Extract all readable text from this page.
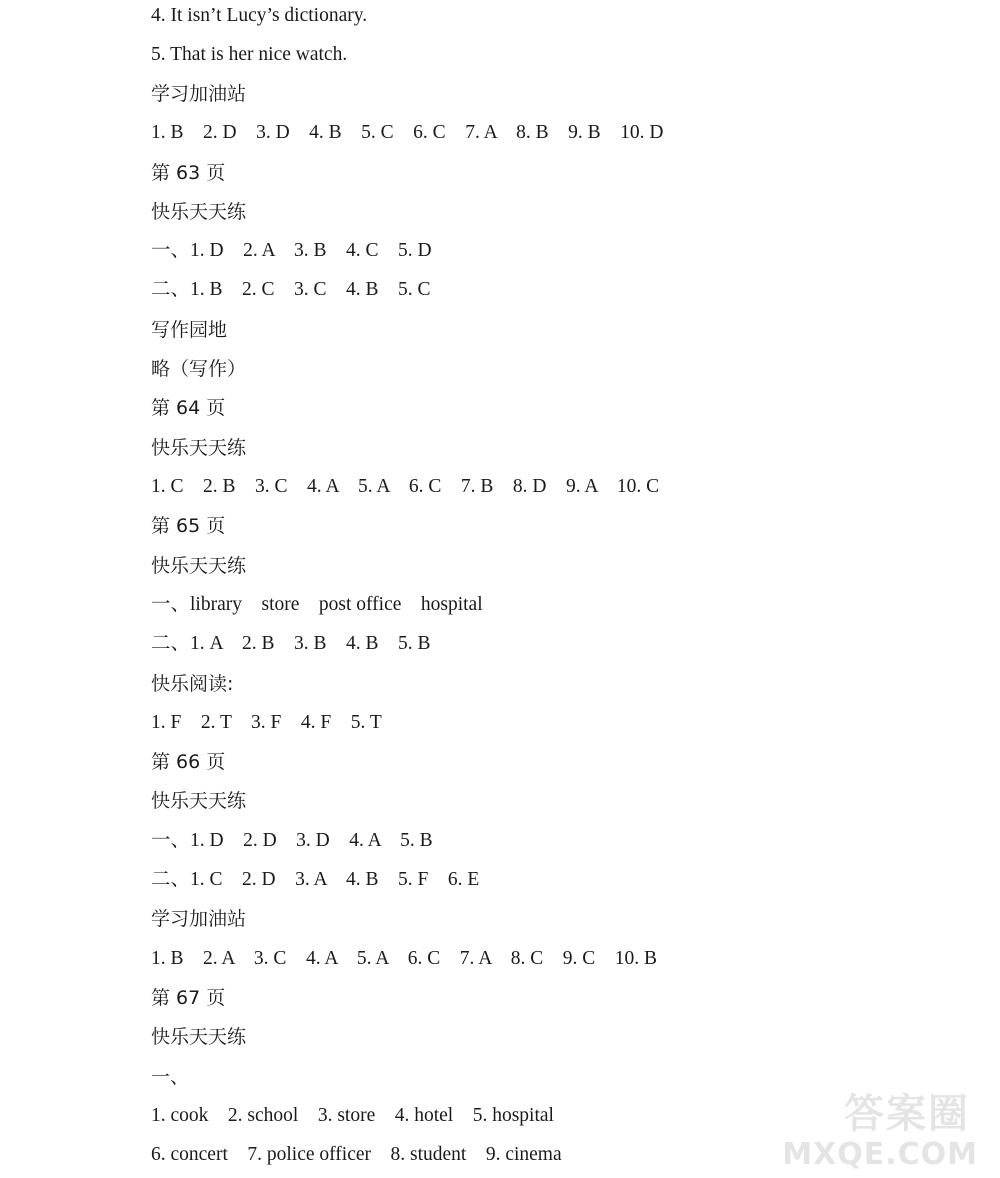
4. It isn’t Lucy’s dictionary.
5. That is her nice watch.
学习加油站
1. B    2. D    3. D    4. B    5. C    6. C    7. A    8. B    9. B    10. D
第 63 页
快乐天天练
一、1. D    2. A    3. B    4. C    5. D
二、1. B    2. C    3. C    4. B    5. C
写作园地
略（写作）
第 64 页
快乐天天练
1. C    2. B    3. C    4. A    5. A    6. C    7. B    8. D    9. A    10. C
第 65 页
快乐天天练
一、library    store    post office    hospital
二、1. A    2. B    3. B    4. B    5. B
快乐阅读:
1. F    2. T    3. F    4. F    5. T
第 66 页
快乐天天练
一、1. D    2. D    3. D    4. A    5. B
二、1. C    2. D    3. A    4. B    5. F    6. E
学习加油站
1. B    2. A    3. C    4. A    5. A    6. C    7. A    8. C    9. C    10. B
第 67 页
快乐天天练
一、
1. cook    2. school    3. store    4. hotel    5. hospital
6. concert    7. police officer    8. student    9. cinema
答案圈
MXQE.COM
